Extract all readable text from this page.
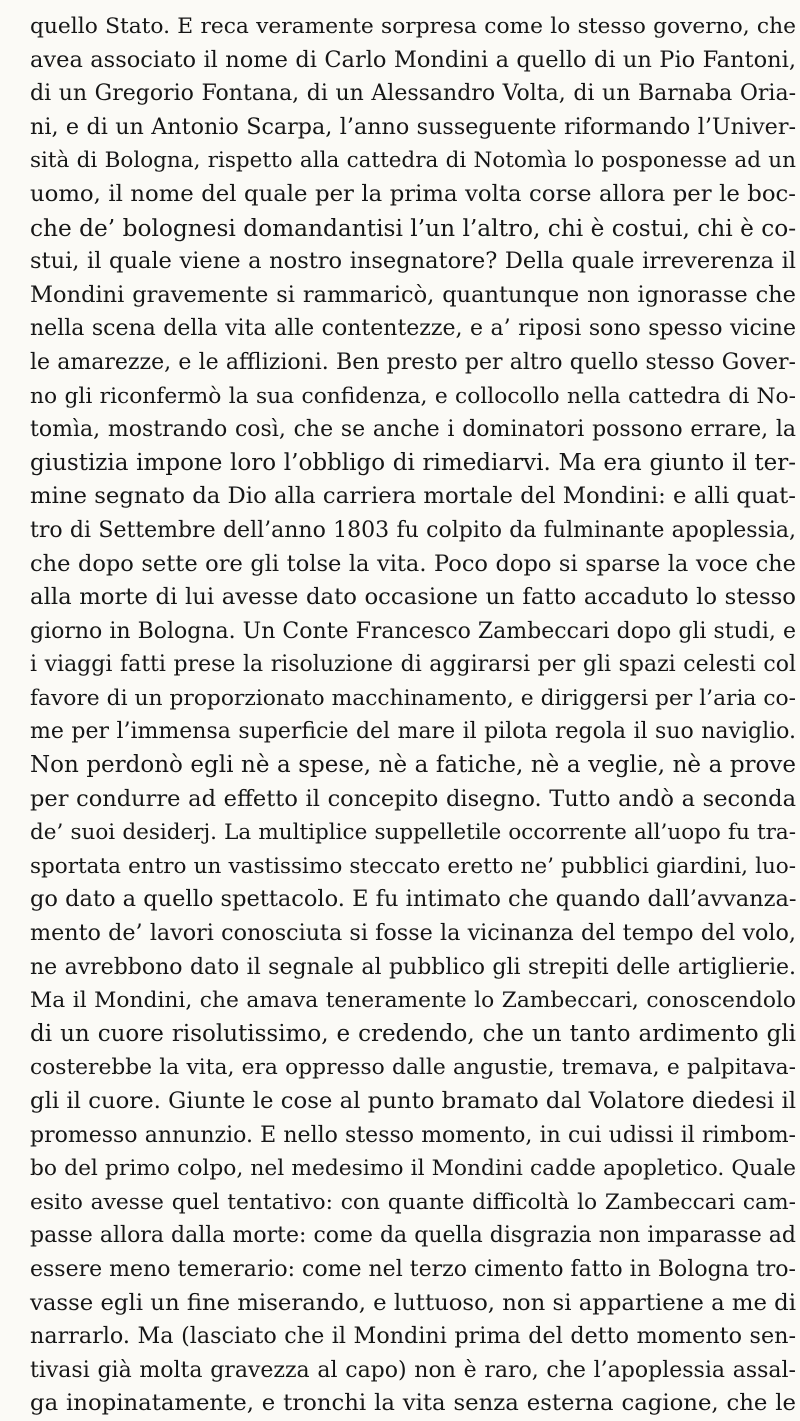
quello Stato. E reca veramente sorpresa come lo stesso governo, che
avea associato il nome di Carlo Mondini a quello di un Pio Fantoni,
di un Gregorio Fontana, di un Alessandro Volta, di un Barnaba Oria-
ni, e di un Antonio Scarpa, l’anno susseguente riformando l’Univer-
sità di Bologna, rispetto alla cattedra di Notomìa lo posponesse ad un
uomo, il nome del quale per la prima volta corse allora per le boc-
che de’ bolognesi domandantisi l’un l’altro, chi è costui, chi è co-
stui, il quale viene a nostro insegnatore? Della quale irreverenza il
Mondini gravemente si rammaricò, quantunque non ignorasse che
nella scena della vita alle contentezze, e a’ riposi sono spesso vicine
le amarezze, e le afflizioni. Ben presto per altro quello stesso Gover-
no gli riconfermò la sua confidenza, e collocollo nella cattedra di No-
tomìa, mostrando così, che se anche i dominatori possono errare, la
giustizia impone loro l’obbligo di rimediarvi. Ma era giunto il ter-
mine segnato da Dio alla carriera mortale del Mondini: e alli quat-
tro di Settembre dell’anno 1803 fu colpito da fulminante apoplessia,
che dopo sette ore gli tolse la vita. Poco dopo si sparse la voce che
alla morte di lui avesse dato occasione un fatto accaduto lo stesso
giorno in Bologna. Un Conte Francesco Zambeccari dopo gli studi, e
i viaggi fatti prese la risoluzione di aggirarsi per gli spazi celesti col
favore di un proporzionato macchinamento, e diriggersi per l’aria co-
me per l’immensa superficie del mare il pilota regola il suo naviglio.
Non perdonò egli nè a spese, nè a fatiche, nè a veglie, nè a prove
per condurre ad effetto il concepito disegno. Tutto andò a seconda
de’ suoi desiderj. La multiplice suppelletile occorrente all’uopo fu tra-
sportata entro un vastissimo steccato eretto ne’ pubblici giardini, luo-
go dato a quello spettacolo. E fu intimato che quando dall’avvanza-
mento de’ lavori conosciuta si fosse la vicinanza del tempo del volo,
ne avrebbono dato il segnale al pubblico gli strepiti delle artiglierie.
Ma il Mondini, che amava teneramente lo Zambeccari, conoscendolo
di un cuore risolutissimo, e credendo, che un tanto ardimento gli
costerebbe la vita, era oppresso dalle angustie, tremava, e palpitava-
gli il cuore. Giunte le cose al punto bramato dal Volatore diedesi il
promesso annunzio. E nello stesso momento, in cui udissi il rimbom-
bo del primo colpo, nel medesimo il Mondini cadde apopletico. Quale
esito avesse quel tentativo: con quante difficoltà lo Zambeccari cam-
passe allora dalla morte: come da quella disgrazia non imparasse ad
essere meno temerario: come nel terzo cimento fatto in Bologna tro-
vasse egli un fine miserando, e luttuoso, non si appartiene a me di
narrarlo. Ma (lasciato che il Mondini prima del detto momento sen-
tivasi già molta gravezza al capo) non è raro, che l’apoplessia assal-
ga inopinatamente, e tronchi la vita senza esterna cagione, che le
